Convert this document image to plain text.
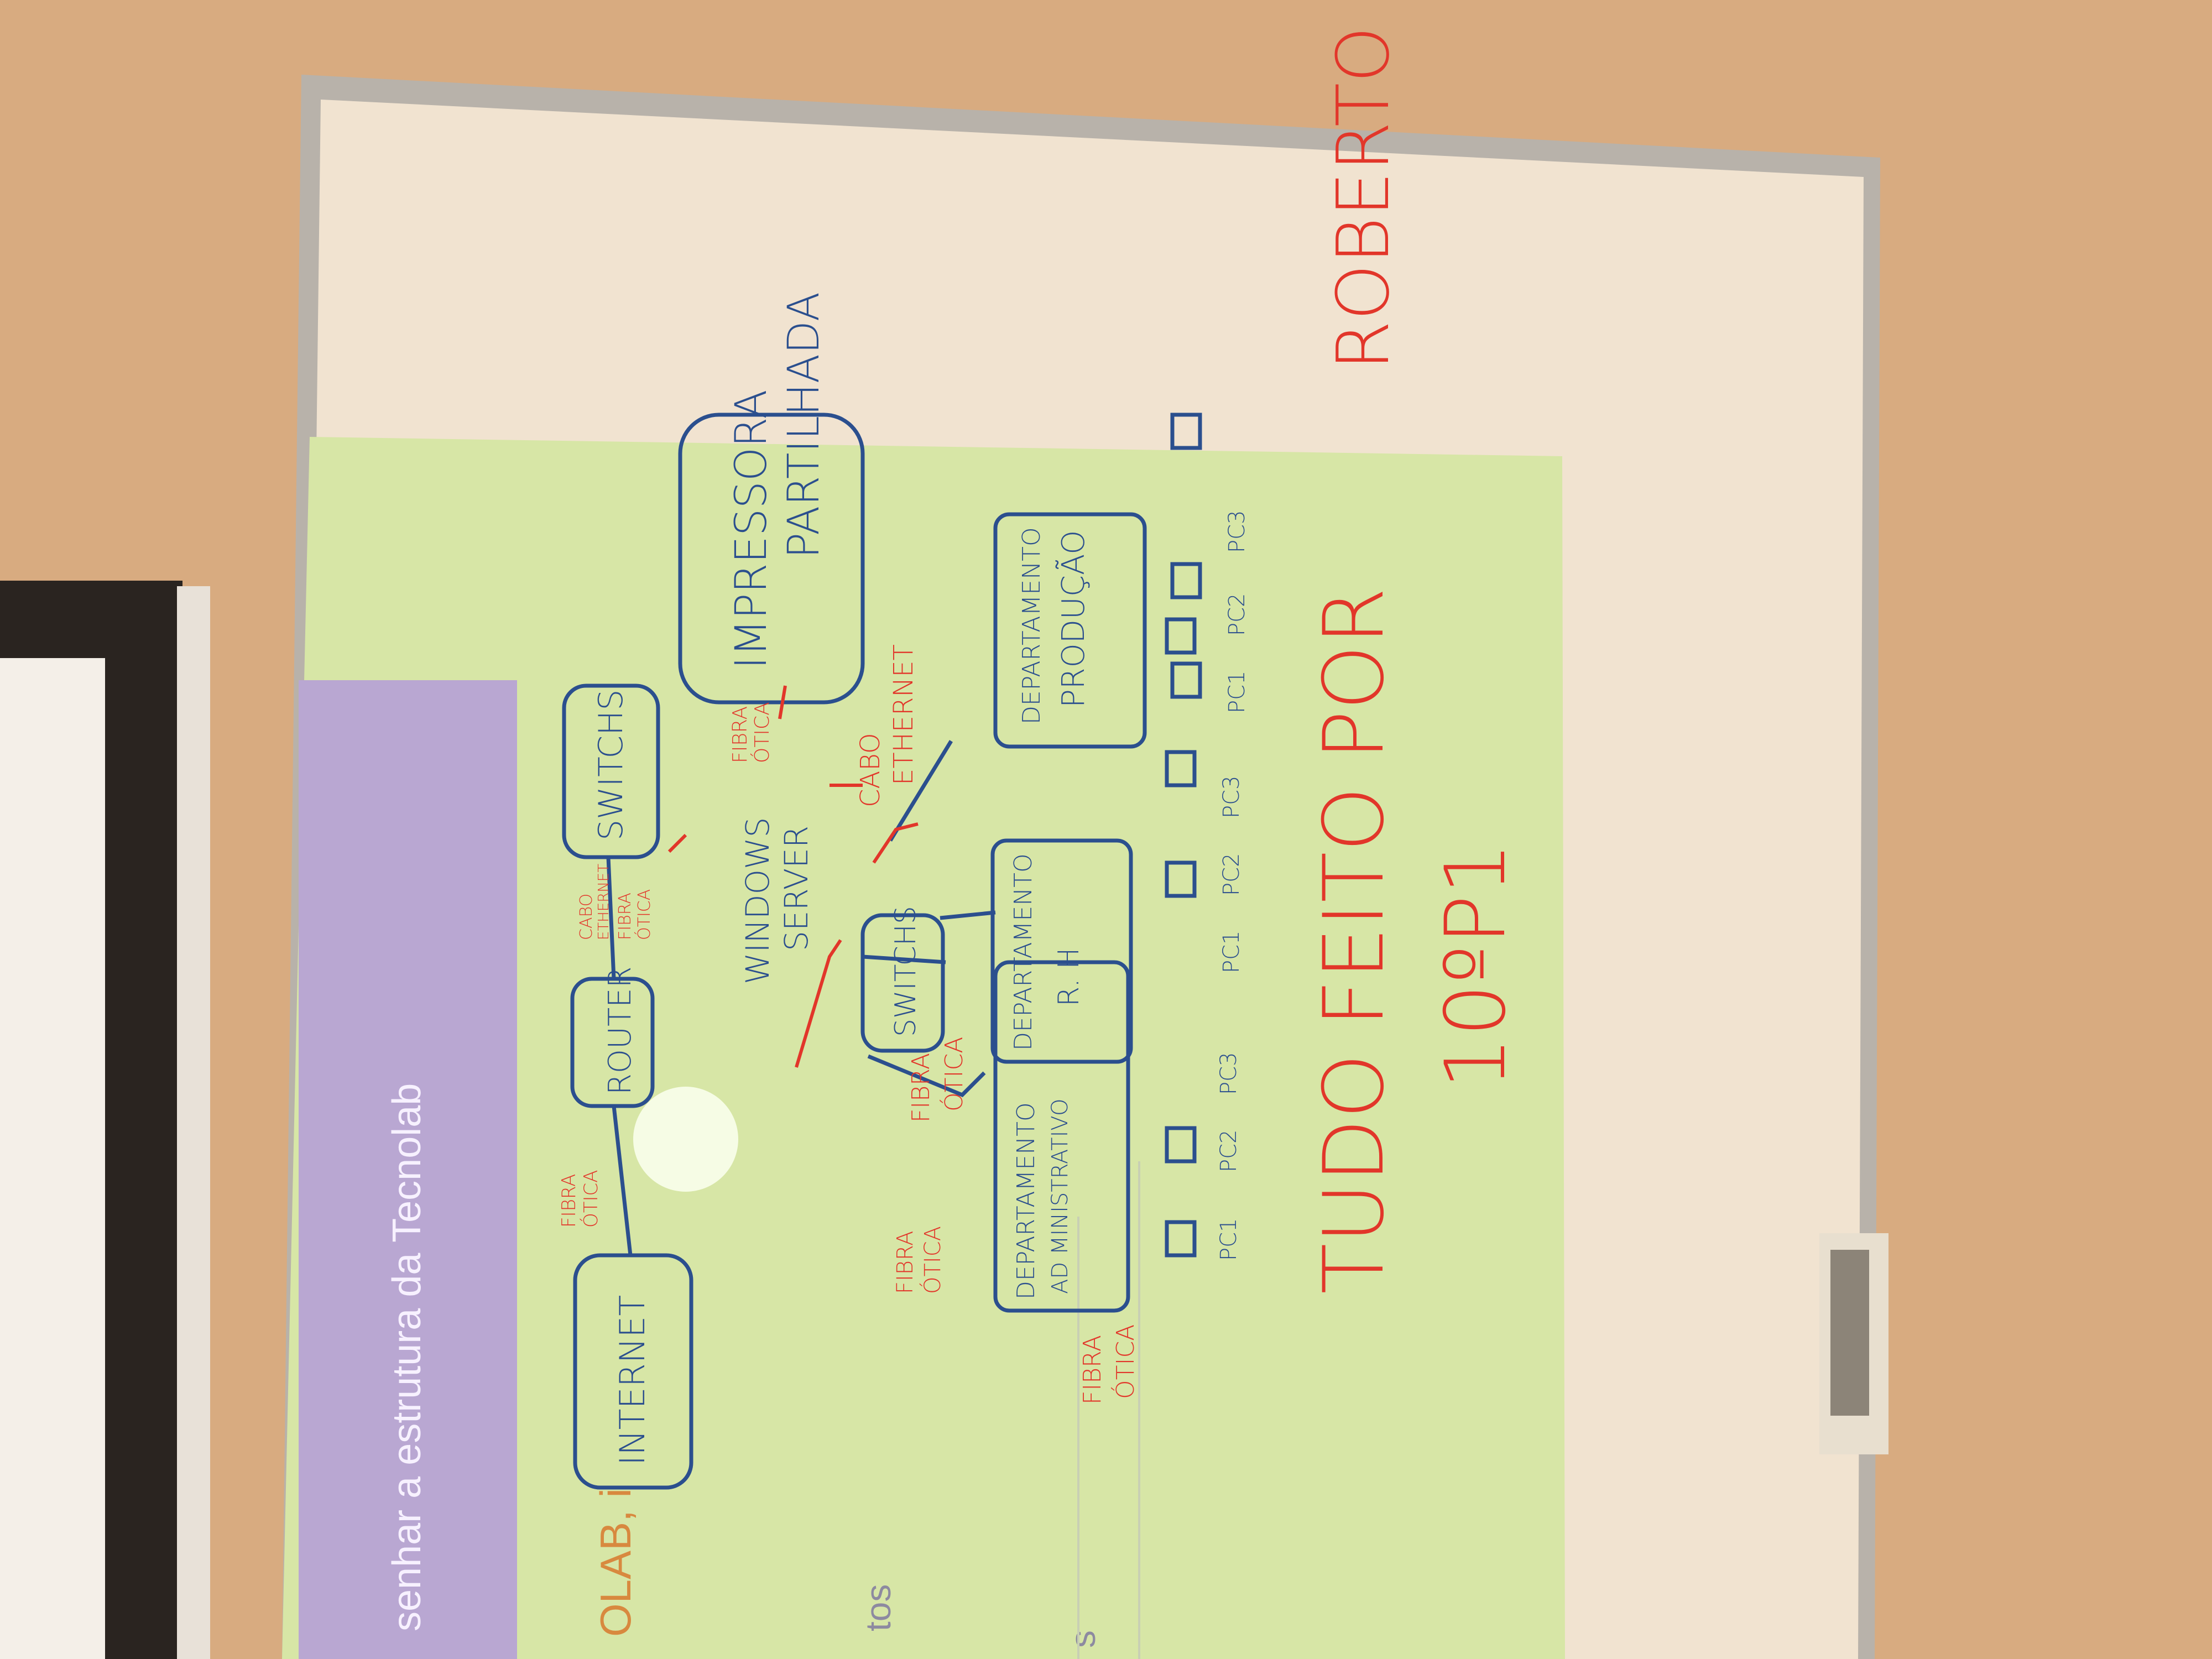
senhar a estrutura da Tecnolab	OLAB, i	tos
s
INTERNET
ROUTER
SWITCHS
WINDOWS SERVER
SWITCHS
IMPRESSORA PARTILHADA
DEPARTAMENTO AD MINISTRATIVO
DEPARTAMENTO R. H
DEPARTAMENTO PRODUÇÃO
PC1
PC2
PC3
PC1
PC2
PC3
PC1
PC2
PC3
FIBRA ÓTICA
CABO ETHERNET FIBRA ÓTICA
FIBRA ÓTICA
CABO ETHERNET
FIBRA ÓTICA
FIBRA ÓTICA
FIBRA ÓTICA	TUDO FEITO POR 10ºP1
ROBERTO
